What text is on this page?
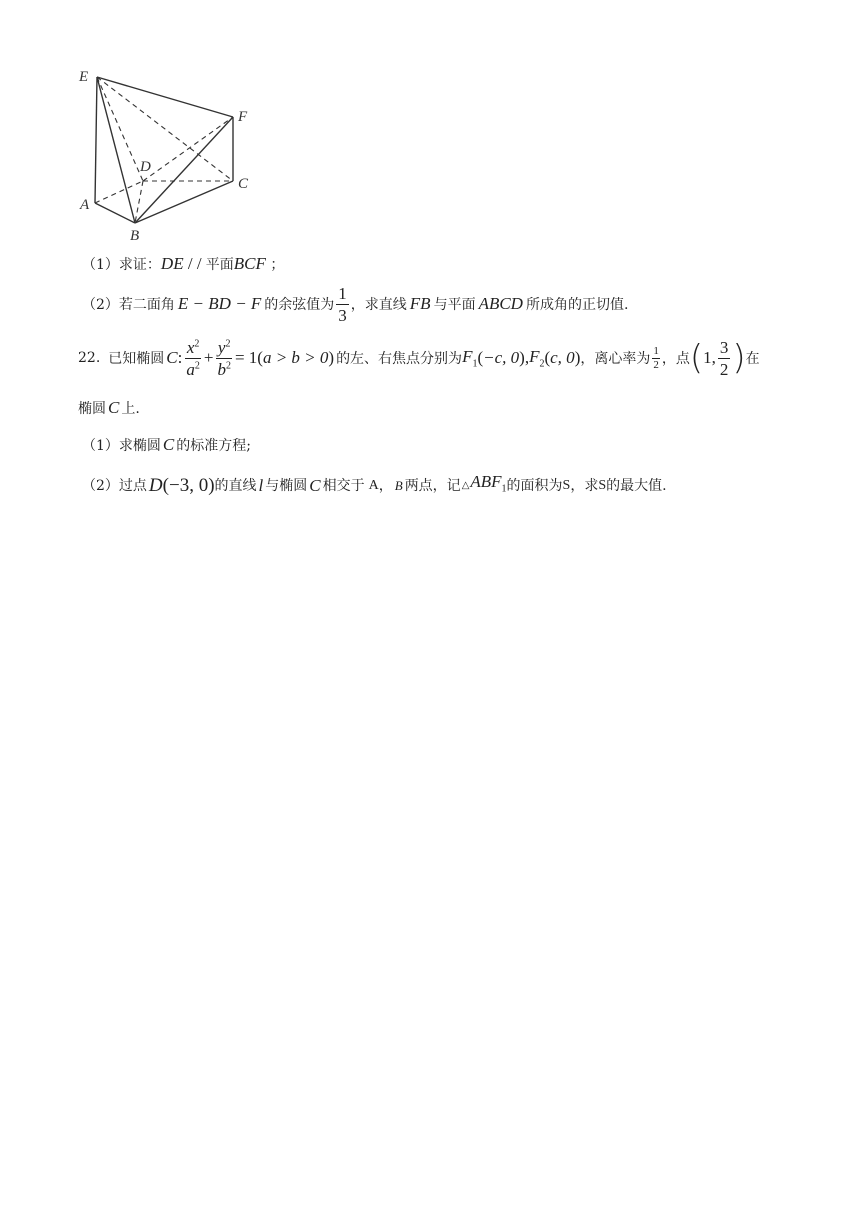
E
F
D
C
A
B
（1）求证：DE / / 平面BCF ；
（2）若二面角 E − BD − F 的余弦值为 $\frac{1}{3}$ ，求直线 FB 与平面 ABCD 所成角的正切值.
22. 已知椭圆 C : $\frac{x^2}{a^2} + \frac{y^2}{b^2} = 1$( a > b > 0 ) 的左、右焦点分别为 $F_1$ (−c, 0) , $F_2$ (c, 0) ，离心率为 $\frac{1}{2}$ ，点 ( 1, $\frac{3}{2}$ ) 在
椭圆 C 上.
（1）求椭圆 C 的标准方程;
（2）过点 D (−3, 0) 的直线 l 与椭圆 C 相交于 A ， B 两点，记 △ $ABF_1$ 的面积为 S ，求 S 的最大值.
